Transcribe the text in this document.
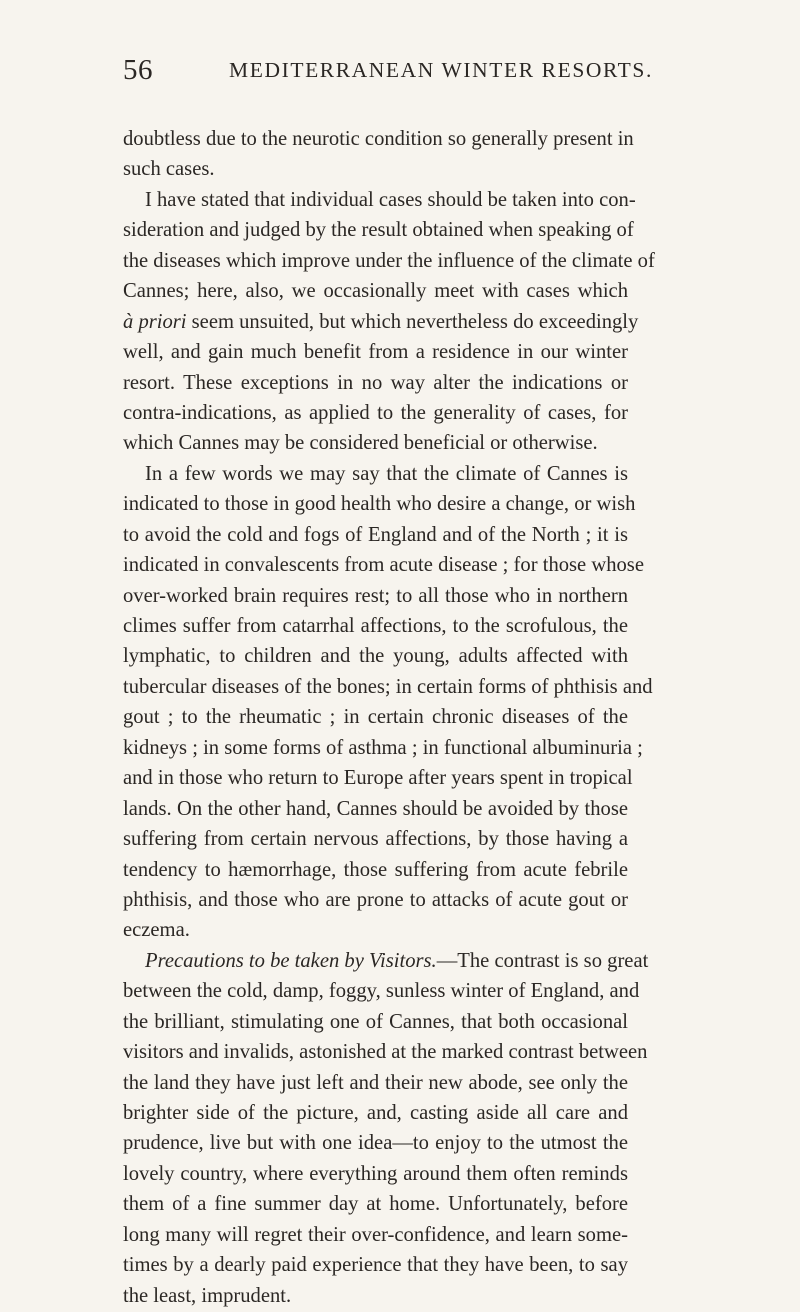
56	MEDITERRANEAN WINTER RESORTS.
doubtless due to the neurotic condition so generally present in
such cases.
I have stated that individual cases should be taken into con-
sideration and judged by the result obtained when speaking of
the diseases which improve under the influence of the climate of
Cannes; here, also, we occasionally meet with cases which
à priori seem unsuited, but which nevertheless do exceedingly
well, and gain much benefit from a residence in our winter
resort. These exceptions in no way alter the indications or
contra-indications, as applied to the generality of cases, for
which Cannes may be considered beneficial or otherwise.
In a few words we may say that the climate of Cannes is
indicated to those in good health who desire a change, or wish
to avoid the cold and fogs of England and of the North ; it is
indicated in convalescents from acute disease ; for those whose
over-worked brain requires rest; to all those who in northern
climes suffer from catarrhal affections, to the scrofulous, the
lymphatic, to children and the young, adults affected with
tubercular diseases of the bones; in certain forms of phthisis and
gout ; to the rheumatic ; in certain chronic diseases of the
kidneys ; in some forms of asthma ; in functional albuminuria ;
and in those who return to Europe after years spent in tropical
lands. On the other hand, Cannes should be avoided by those
suffering from certain nervous affections, by those having a
tendency to hæmorrhage, those suffering from acute febrile
phthisis, and those who are prone to attacks of acute gout or
eczema.
Precautions to be taken by Visitors.—The contrast is so great
between the cold, damp, foggy, sunless winter of England, and
the brilliant, stimulating one of Cannes, that both occasional
visitors and invalids, astonished at the marked contrast between
the land they have just left and their new abode, see only the
brighter side of the picture, and, casting aside all care and
prudence, live but with one idea—to enjoy to the utmost the
lovely country, where everything around them often reminds
them of a fine summer day at home. Unfortunately, before
long many will regret their over-confidence, and learn some-
times by a dearly paid experience that they have been, to say
the least, imprudent.
